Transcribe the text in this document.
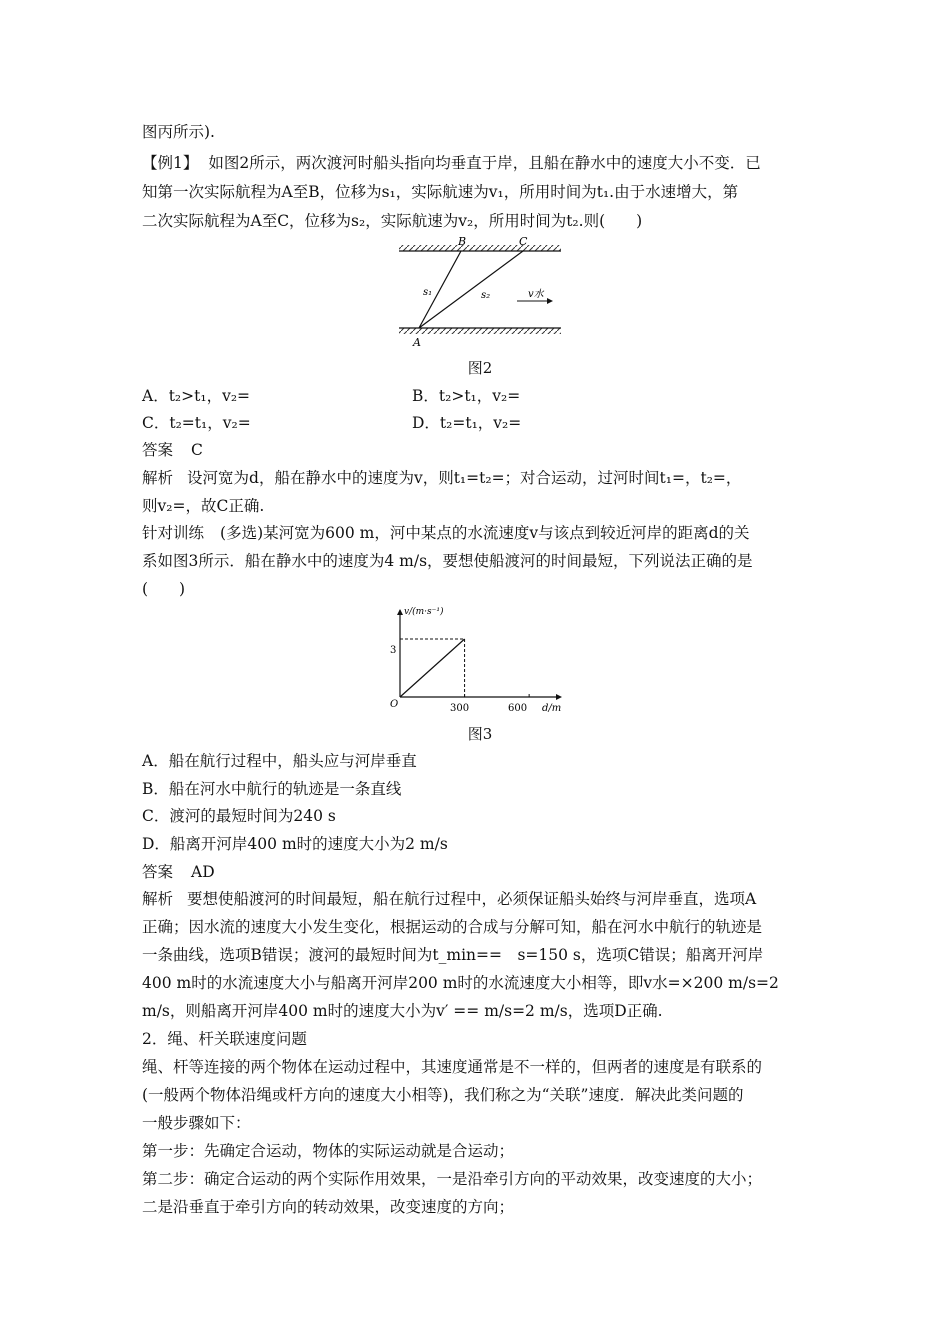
图丙所示).
【例1】 如图2所示，两次渡河时船头指向均垂直于岸，且船在静水中的速度大小不变．已
知第一次实际航程为A至B，位移为s₁，实际航速为v₁，所用时间为t₁.由于水速增大，第
二次实际航程为A至C，位移为s₂，实际航速为v₂，所用时间为t₂.则(　　)
B	C
A
s₁	s₂	v水
图2
A．t₂>t₁，v₂=	B．t₂>t₁，v₂=
C．t₂=t₁，v₂=	D．t₂=t₁，v₂=
答案 C
解析 设河宽为d，船在静水中的速度为v，则t₁=t₂=；对合运动，过河时间t₁=，t₂=，
则v₂=，故C正确.
针对训练 (多选)某河宽为600 m，河中某点的水流速度v与该点到较近河岸的距离d的关
系如图3所示．船在静水中的速度为4 m/s，要想使船渡河的时间最短，下列说法正确的是
(　　)
v/(m·s⁻¹)
d/m
O
3
300	600
图3
A．船在航行过程中，船头应与河岸垂直
B．船在河水中航行的轨迹是一条直线
C．渡河的最短时间为240 s
D．船离开河岸400 m时的速度大小为2 m/s
答案 AD
解析 要想使船渡河的时间最短，船在航行过程中，必须保证船头始终与河岸垂直，选项A
正确；因水流的速度大小发生变化，根据运动的合成与分解可知，船在河水中航行的轨迹是
一条曲线，选项B错误；渡河的最短时间为t_min==　s=150 s，选项C错误；船离开河岸
400 m时的水流速度大小与船离开河岸200 m时的水流速度大小相等，即v水=×200 m/s=2
m/s，则船离开河岸400 m时的速度大小为v′ == m/s=2 m/s，选项D正确.
2．绳、杆关联速度问题
绳、杆等连接的两个物体在运动过程中，其速度通常是不一样的，但两者的速度是有联系的
(一般两个物体沿绳或杆方向的速度大小相等)，我们称之为“关联”速度．解决此类问题的
一般步骤如下：
第一步：先确定合运动，物体的实际运动就是合运动；
第二步：确定合运动的两个实际作用效果，一是沿牵引方向的平动效果，改变速度的大小；
二是沿垂直于牵引方向的转动效果，改变速度的方向；
